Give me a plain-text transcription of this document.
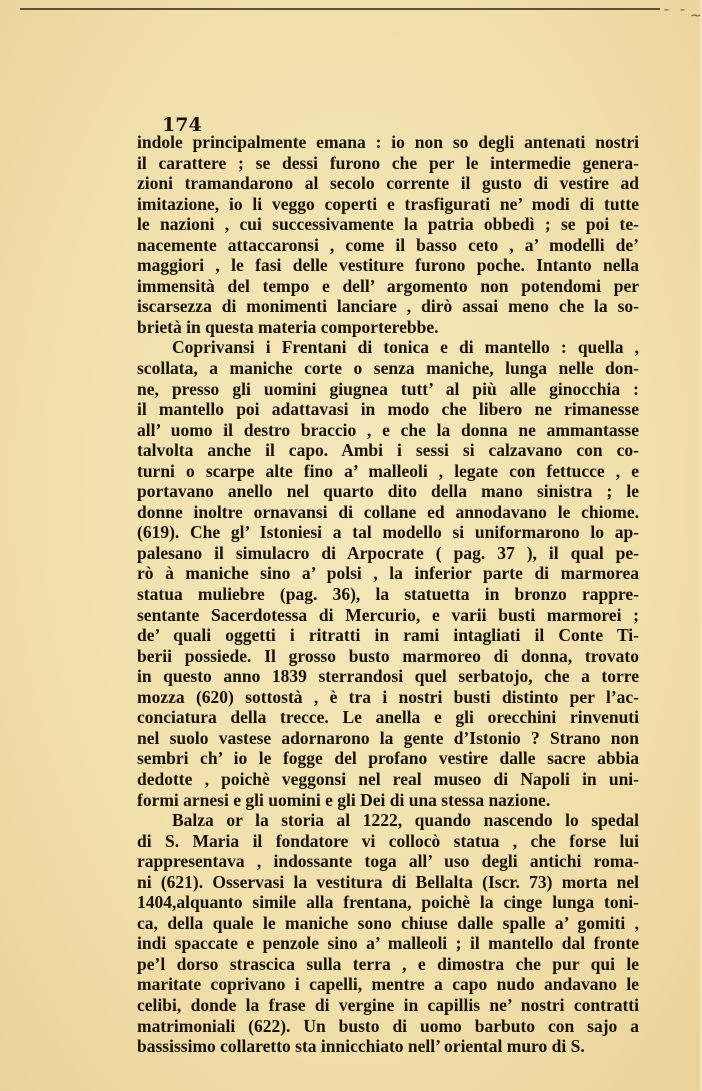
- - ~
174
indole principalmente emana : io non so degli antenati nostri
il carattere ; se dessi furono che per le intermedie genera-
zioni tramandarono al secolo corrente il gusto di vestire ad
imitazione, io li veggo coperti e trasfigurati ne’ modi di tutte
le nazioni , cui successivamente la patria obbedì ; se poi te-
nacemente attaccaronsi , come il basso ceto , a’ modelli de’
maggiori , le fasi delle vestiture furono poche. Intanto nella
immensità del tempo e dell’ argomento non potendomi per
iscarsezza di monimenti lanciare , dirò assai meno che la so-
brietà in questa materia comporterebbe.
Coprivansi i Frentani di tonica e di mantello : quella ,
scollata, a maniche corte o senza maniche, lunga nelle don-
ne, presso gli uomini giugnea tutt’ al più alle ginocchia :
il mantello poi adattavasi in modo che libero ne rimanesse
all’ uomo il destro braccio , e che la donna ne ammantasse
talvolta anche il capo. Ambi i sessi si calzavano con co-
turni o scarpe alte fino a’ malleoli , legate con fettucce , e
portavano anello nel quarto dito della mano sinistra ; le
donne inoltre ornavansi di collane ed annodavano le chiome.
(619). Che gl’ Istoniesi a tal modello si uniformarono lo ap-
palesano il simulacro di Arpocrate ( pag. 37 ), il qual pe-
rò à maniche sino a’ polsi , la inferior parte di marmorea
statua muliebre (pag. 36), la statuetta in bronzo rappre-
sentante Sacerdotessa di Mercurio, e varii busti marmorei ;
de’ quali oggetti i ritratti in rami intagliati il Conte Ti-
berii possiede. Il grosso busto marmoreo di donna, trovato
in questo anno 1839 sterrandosi quel serbatojo, che a torre
mozza (620) sottostà , è tra i nostri busti distinto per l’ac-
conciatura della trecce. Le anella e gli orecchini rinvenuti
nel suolo vastese adornarono la gente d’Istonio ? Strano non
sembri ch’ io le fogge del profano vestire dalle sacre abbia
dedotte , poichè veggonsi nel real museo di Napoli in uni-
formi arnesi e gli uomini e gli Dei di una stessa nazione.
Balza or la storia al 1222, quando nascendo lo spedal
di S. Maria il fondatore vi collocò statua , che forse lui
rappresentava , indossante toga all’ uso degli antichi roma-
ni (621). Osservasi la vestitura di Bellalta (Iscr. 73) morta nel
1404,alquanto simile alla frentana, poichè la cinge lunga toni-
ca, della quale le maniche sono chiuse dalle spalle a’ gomiti ,
indi spaccate e penzole sino a’ malleoli ; il mantello dal fronte
pe’l dorso strascica sulla terra , e dimostra che pur qui le
maritate coprivano i capelli, mentre a capo nudo andavano le
celibi, donde la frase di vergine in capillis ne’ nostri contratti
matrimoniali (622). Un busto di uomo barbuto con sajo a
bassissimo collaretto sta innicchiato nell’ oriental muro di S.
